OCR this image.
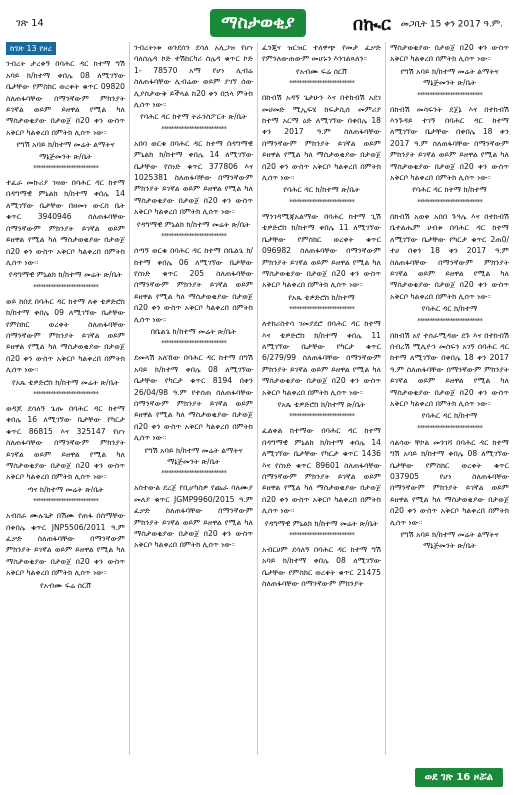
ገጽ 14	ማስታወቂያ	በኲር መጋቢት 15 ቀን 2017 ዓ.ም.
ከገጽ 13 የዞረ

ንብረት ታረቀኝ በባሕር ዳር ከተማ ግሽ አባይ ክ/ከተማ ቀበሌ 08 ለሚገኘው ቤታቸው የምስክር ወረቀት ቁጥር 09820 ስለጠፋባቸው በማንኛውም ምክንያት ይገኛል ወይም ይዘዋል የሚል ካለ ማስታወቂያው በታወጀ በ20 ቀን ውስጥ አቅርቦ ካልቀረበ በምትክ ሊሰጥ ነው።

የግሽ አባይ ክ/ከተማ መሬት ልማትና ማኔጅመንት ጽ/ቤት

**************************

ተፈራ መኩሪያ ገዛው በባሕር ዳር ከተማ በዳግማዊ ምኒልክ ክ/ከተማ ቀበሌ 14 ለሚገኘው ቤታቸው በዘመነ ውርስ ቤት ቁጥር 3940946 ስለጠፋባቸው በማንኛውም ምክንያት ይገኛል ወይም ይዘዋል የሚል ካለ ማስታወቂያው በታወጀ በ20 ቀን ውስጥ አቅርቦ ካልቀረበ በምትክ ሊሰጥ ነው።

የዳግማዊ ምኒልክ ክ/ከተማ መሬት ጽ/ቤት

**************************

ወይ ከበደ በባሕር ዳር ከተማ ለቀ ቴዎድሮስ ክ/ከተማ ቀበሌ 09 ለሚገኘው ቤታቸው የምስክር ወረቀት ስለጠፋባቸው በማንኛውም ምክንያት ይገኛል ወይም ይዘዋል የሚል ካለ ማስታወቂያው በታወጀ በ20 ቀን ውስጥ አቅርቦ ካልቀረበ በምትክ ሊሰጥ ነው።

የአጼ ቴዎድሮስ ክ/ከተማ መሬት ጽ/ቤት

**************************

ወዳጆ ደሳለኝ ጌጡ በባሕር ዳር ከተማ ቀበሌ 16 ለሚገኘው ቤታቸው የካርታ ቁጥር 86815 እና 325147 የሆነ ስለጠፋባቸው በማንኛውም ምክንያት ይገኛል ወይም ይዘዋል የሚል ካለ ማስታወቂያው በታወጀ በ20 ቀን ውስጥ አቅርቦ ካልቀረበ በምትክ ሊሰጥ ነው።

ጣና ክ/ከተማ መሬት ጽ/ቤት

**************************

አብሰራ ሙሉጌታ በሽሙ የጠፋ በስማቸው በቀበሌ ቁጥር JNP5506/2011 ዓ.ም ፈቃድ ስለጠፋባቸው በማንኛውም ምክንያት ይገኛል ወይም ይዘዋል የሚል ካለ ማስታወቂያው በታወጀ በ20 ቀን ውስጥ አቅርቦ ካልቀረበ በምትክ ሊሰጥ ነው።

የአብሙ ፍሬ ሰርቨ

ንብረትነቱ ወንደሰን ደሳለ አሊጋዝ የሆነ ባለሰሌዳ ኮድ ተሽከርካሪ ስሌዳ ቁጥር ኮድ 1- 78570 አማ የሆነ ሊብሬ ስለጠፋባቸው ሊብሬው ወይም ያገኘ ሰው ሊያስታውቅ ይችላል ከ20 ቀን በኋላ ምትክ ሊሰጥ ነው።

የባሕር ዳር ከተማ ትራንስፖርት ጽ/ቤት

**************************

አበባ ወርቁ በባሕር ዳር ከተማ በዳግማዊ ምኒልክ ክ/ከተማ ቀበሌ 14 ለሚገኘው ቤታቸው የሰነድ ቁጥር 377806 እና 1025381 ስለጠፋባቸው በማንኛውም ምክንያት ይገኛል ወይም ይዘዋል የሚል ካለ ማስታወቂያው በታወጀ በ20 ቀን ውስጥ አቅርቦ ካልቀረበ በምትክ ሊሰጥ ነው።

የዳግማዊ ምኒልክ ክ/ከተማ መሬት ጽ/ቤት

**************************

ሰጣኝ ወርቁ በባሕር ዳር ከተማ በቤልጌ ክ/ከተማ ቀበሌ 06 ለሚገኘው ቤታቸው የሰነድ ቁጥር 205 ስለጠፋባቸው በማንኛውም ምክንያት ይገኛል ወይም ይዘዋል የሚል ካለ ማስታወቂያው በታወጀ በ20 ቀን ውስጥ አቅርቦ ካልቀረበ በምትክ ሊሰጥ ነው።

በቤልጌ ክ/ከተማ መሬት ጽ/ቤት

**************************

ደመላሽ አለኸው በባሕር ዳር ከተማ በግሽ አባይ ክ/ከተማ ቀበሌ 08 ለሚገኘው ቤታቸው የካርታ ቁጥር 8194 በቀን 26/04/98 ዓ.ም የተሰጠ ስለጠፋባቸው በማንኛውም ምክንያት ይገኛል ወይም ይዘዋል የሚል ካለ ማስታወቂያው በታወጀ በ20 ቀን ውስጥ አቅርቦ ካልቀረበ በምትክ ሊሰጥ ነው።

የግሽ አባይ ክ/ከተማ መሬት ልማትና ማኔጅመንት ጽ/ቤት

**************************

አስተውል ደረጀ የቢሆካስዎ የጨራ ባለሙያ መለያ ቁጥር JGMP9960/2015 ዓ.ም ፈቃድ ስለጠፋባቸው በማንኛውም ምክንያት ይገኛል ወይም ይዘዋል የሚል ካለ ማስታወቂያው በታወጀ በ20 ቀን ውስጥ አቅርቦ ካልቀረበ በምትክ ሊሰጥ ነው።

ፈንጂና ዝርዝር ተለዋጭ የመታ ፈቃድ የምንለውጠውም መሆኑን እንገልጻለን።

የአብሙ ፍሬ ሰርቨ

**************************

በከብሽ አዳኝ ጌታሁን እና በተክብሽ አደገ መሀመድ ሚኢፍሄ ከፍታሲሰ መምሪያ ከተማ አርማ ዕድ ለሚገኘው በቀበሌ 18 ቀን 2017 ዓ.ም ስለጠፋባቸው በማንኛውም ምክንያት ይገኛል ወይም ይዘዋል የሚል ካለ ማስታወቂያው በታወጀ በ20 ቀን ውስጥ አቅርቦ ካልቀረበ በምትክ ሊሰጥ ነው።

የባሕር ዳር ክ/ከተማ ጽ/ቤት

**************************

ማንገዳሚጃአልማው በባሕር ከተማ ጊሽ ቴዎድሮስ ክ/ከተማ ቀበሌ 11 ለሚገኘው ቤታቸው የምስክር ወረቀት ቁጥር 096982 ስለጠፋባቸው በማንኛውም ምክንያት ይገኛል ወይም ይዘዋል የሚል ካለ ማስታወቂያው በታወጀ በ20 ቀን ውስጥ አቅርቦ ካልቀረበ በምትክ ሊሰጥ ነው።

የአጼ ቴዎድሮስ ክ/ከተማ

**************************

ለተከሪስተሳ ገመያደሮ በባሕር ዳር ከተማ እና ቴዎድሮስ ክ/ከተማ ቀበሌ 11 ለሚገኘው ቤታቸው የካርታ ቁጥር 6/279/99 ስለጠፋባቸው በማንኛውም ምክንያት ይገኛል ወይም ይዘዋል የሚል ካለ ማስታወቂያው በታወጀ በ20 ቀን ውስጥ አቅርቦ ካልቀረበ በምትክ ሊሰጥ ነው።

የአጼ ቴዎድሮስ ክ/ከተማ ጽ/ቤት

**************************

ፈልቀል ከተማው በባሕር ዳር ከተማ በዳግማዊ ምኒልክ ክ/ከተማ ቀበሌ 14 ለሚገኘው ቤታቸው የካርታ ቁጥር 1436 እና የሰነድ ቁጥር 89601 ስለጠፋባቸው በማንኛውም ምክንያት ይገኛል ወይም ይዘዋል የሚል ካለ ማስታወቂያው በታወጀ በ20 ቀን ውስጥ አቅርቦ ካልቀረበ በምትክ ሊሰጥ ነው።

የዳግማዊ ምኒልክ ክ/ከተማ መሬት ጽ/ቤት

**************************

አብርሀም ደሳለኝ በባሕር ዳር ከተማ ግሽ አባይ ክ/ከተማ ቀበሌ 08 ለሚገኘው ቤታቸው የምስክር ወረቀት ቁጥር 21475 ስለጠፋባቸው በማንኛውም ምክንያት

ማስታወቂያው በታወጀ በ20 ቀን ውስጥ አቅርቦ ካልቀረበ በምትክ ሊሰጥ ነው።

የግሽ አባይ ክ/ከተማ መሬት ልማትና ማኔጅመንት ጽ/ቤት

**************************

በከብሽ መሳፍንት ደጀኔ እና በተክብሽ እንጉዳይ ተገኝ በባሕር ዳር ከተማ ለሚገኘው ቤታቸው በቀበሌ 18 ቀን 2017 ዓ.ም ስለጠፋባቸው በማንኛውም ምክንያት ይገኛል ወይም ይዘዋል የሚል ካለ ማስታወቂያው በታወጀ በ20 ቀን ውስጥ አቅርቦ ካልቀረበ በምትክ ሊሰጥ ነው።

የባሕር ዳር ከተማ ክ/ከተማ

**************************

በከብሽ አወቀ አበበ ጉዓሌ እና በተክብሽ ቤተልሔም ሀብቱ በባሕር ዳር ከተማ ለሚገኘው ቤታቸው የካርታ ቁጥር 2ጠ0/ተሀ በቀን 18 ቀን 2017 ዓ.ም ስለጠፋባቸው በማንኛውም ምክንያት ይገኛል ወይም ይዘዋል የሚል ካለ ማስታወቂያው በታወጀ በ20 ቀን ውስጥ አቅርቦ ካልቀረበ በምትክ ሊሰጥ ነው።

የባሕር ዳር ክ/ከተማ

**************************

በከብሽ አየ ተሰራሚዳው ደጉ እና በተክብሽ በብረሽ ሚሊዮን መስፍን አገኝ በባሕር ዳር ከተማ ለሚገኘው በቀበሌ 18 ቀን 2017 ዓ.ም ስለጠፋባቸው በማንኛውም ምክንያት ይገኛል ወይም ይዘዋል የሚል ካለ ማስታወቂያው በታወጀ በ20 ቀን ውስጥ አቅርቦ ካልቀረበ በምትክ ሊሰጥ ነው።

የባሕር ዳር ክ/ከተማ

**************************

ሳልሳው ቸኮል መንገሻ በባሕር ዳር ከተማ ግሽ አባይ ክ/ከተማ ቀበሌ 08 ለሚገኘው ቤታቸው የምስክር ወረቀት ቁጥር 037905 የሆነ ስለጠፋባቸው በማንኛውም ምክንያት ይገኛል ወይም ይዘዋል የሚል ካለ ማስታወቂያው በታወጀ በ20 ቀን ውስጥ አቅርቦ ካልቀረበ በምትክ ሊሰጥ ነው።

የግሽ አባይ ክ/ከተማ መሬት ልማትና ማኔጅመንት ጽ/ቤት

ወደ ገጽ 16 ዞሯል
